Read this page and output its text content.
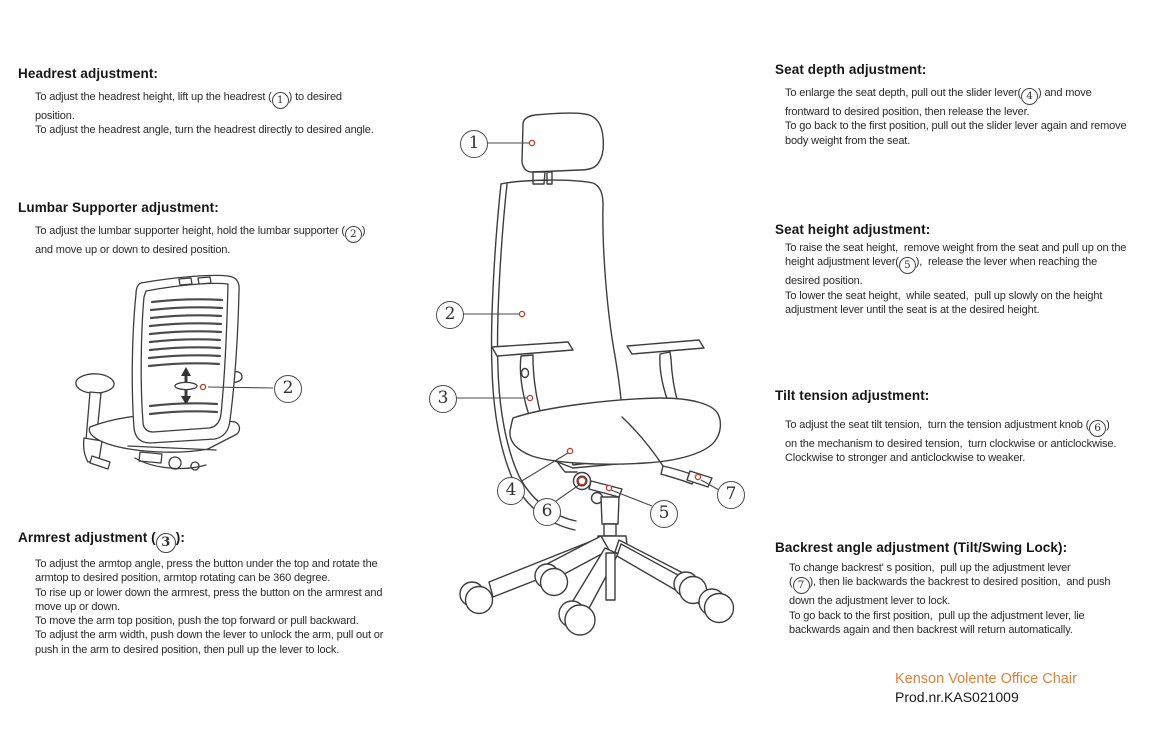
Headrest adjustment:

To adjust the headrest height, lift up the headrest ( 1 ) to desired
position.
To adjust the headrest angle, turn the headrest directly to desired angle.

Lumbar Supporter adjustment:

To adjust the lumbar supporter height, hold the lumbar supporter ( 2 )
and move up or down to desired position.

Armrest adjustment ( 3 ):

To adjust the armtop angle, press the button under the top and rotate the
armtop to desired position, armtop rotating can be 360 degree.
To rise up or lower down the armrest, press the button on the armrest and
move up or down.
To move the arm top position, push the top forward or pull backward.
To adjust the arm width, push down the lever to unlock the arm, pull out or
push in the arm to desired position, then pull up the lever to lock.

Seat depth adjustment:

To enlarge the seat depth, pull out the slider lever( 4 ) and move
frontward to desired position, then release the lever.
To go back to the first position, pull out the slider lever again and remove
body weight from the seat.

Seat height adjustment:

To raise the seat height,  remove weight from the seat and pull up on the
height adjustment lever( 5 ),  release the lever when reaching the
desired position.
To lower the seat height,  while seated,  pull up slowly on the height
adjustment lever until the seat is at the desired height.

Tilt tension adjustment:

To adjust the seat tilt tension,  turn the tension adjustment knob ( 6 )
on the mechanism to desired tension,  turn clockwise or anticlockwise.
Clockwise to stronger and anticlockwise to weaker.

Backrest angle adjustment (Tilt/Swing Lock):

To change backrest' s position,  pull up the adjustment lever
( 7 ), then lie backwards the backrest to desired position,  and push
down the adjustment lever to lock.
To go back to the first position,  pull up the adjustment lever, lie
backwards again and then backrest will return automatically.

1
2
3
4
5
6
7
2
Kenson Volente Office Chair
Prod.nr.KAS021009
